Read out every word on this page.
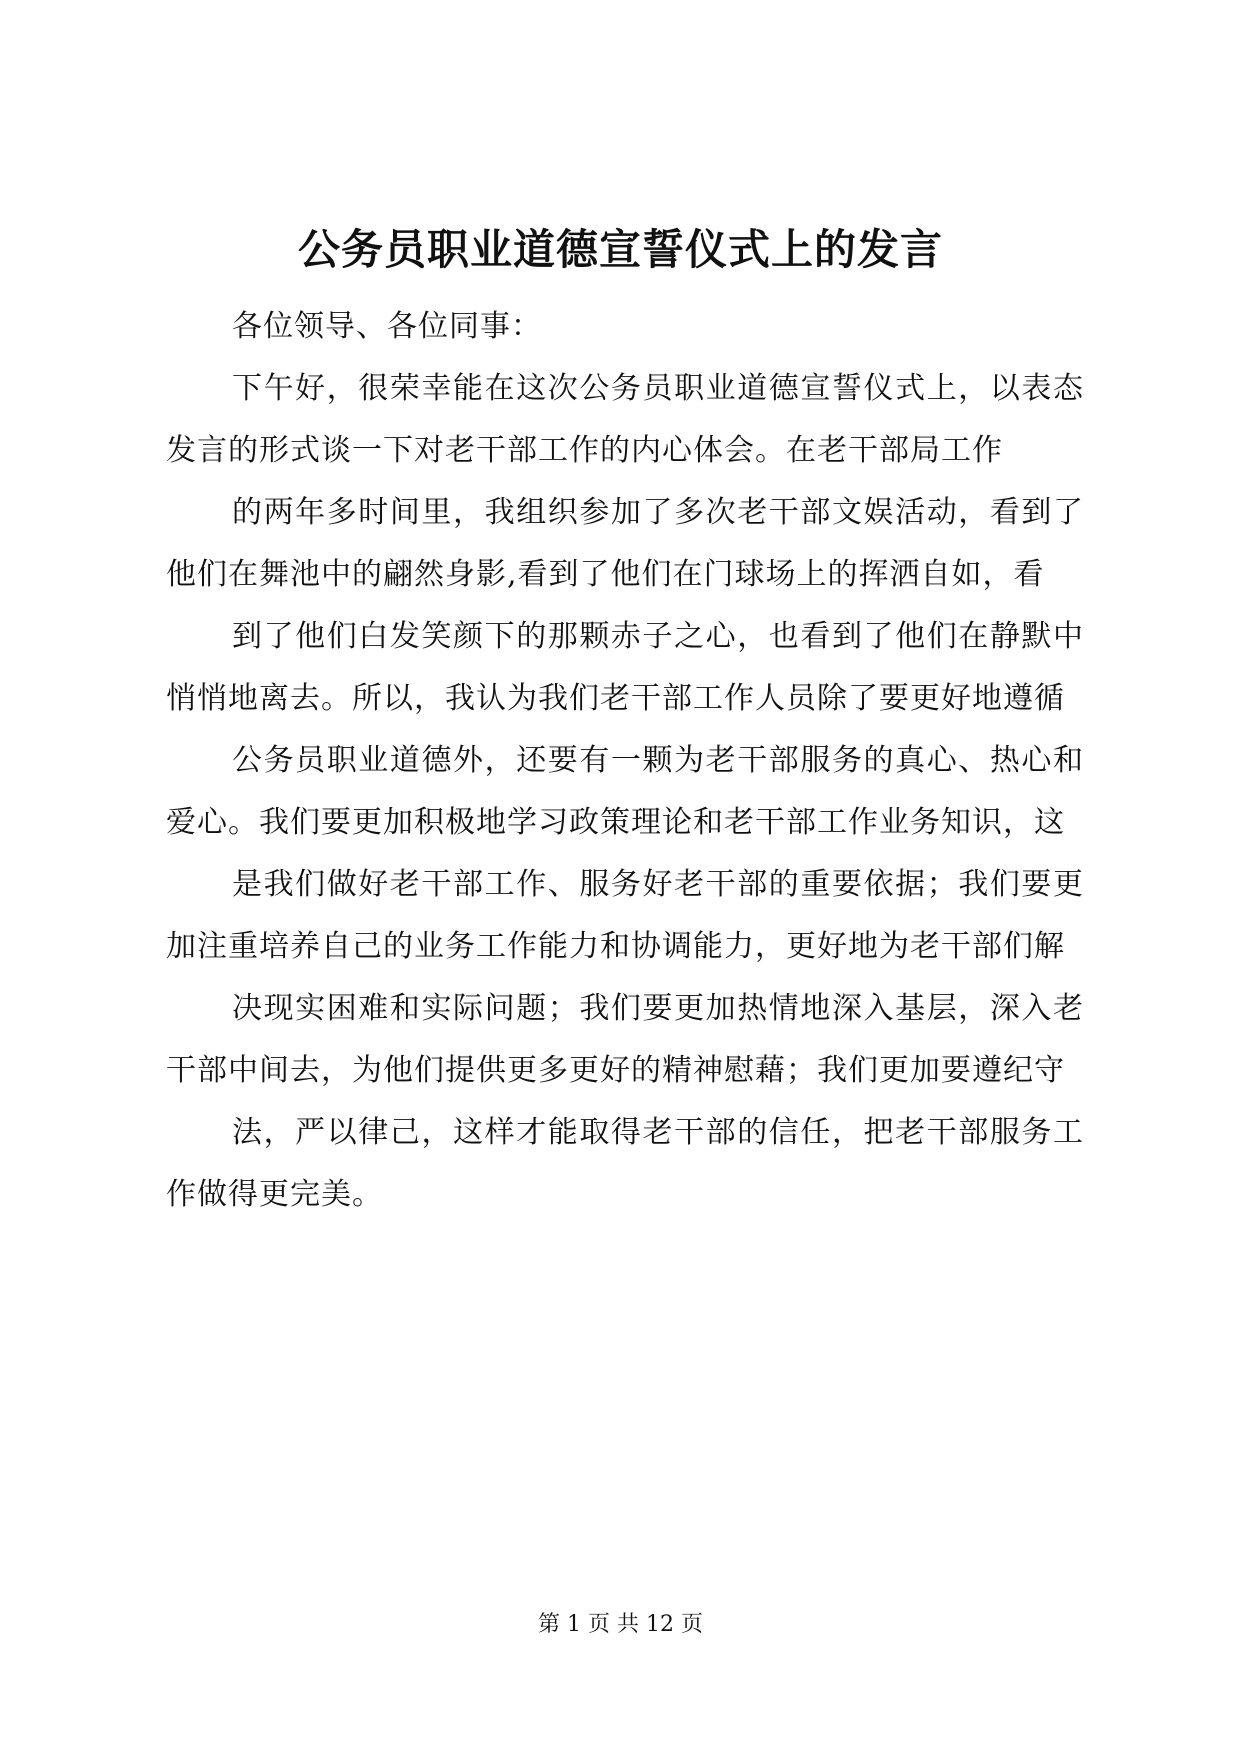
公务员职业道德宣誓仪式上的发言

各位领导、各位同事：

下午好，很荣幸能在这次公务员职业道德宣誓仪式上，以表态发言的形式谈一下对老干部工作的内心体会。在老干部局工作

的两年多时间里，我组织参加了多次老干部文娱活动，看到了他们在舞池中的翩然身影,看到了他们在门球场上的挥洒自如，看

到了他们白发笑颜下的那颗赤子之心，也看到了他们在静默中悄悄地离去。所以，我认为我们老干部工作人员除了要更好地遵循

公务员职业道德外，还要有一颗为老干部服务的真心、热心和爱心。我们要更加积极地学习政策理论和老干部工作业务知识，这

是我们做好老干部工作、服务好老干部的重要依据；我们要更加注重培养自己的业务工作能力和协调能力，更好地为老干部们解

决现实困难和实际问题；我们要更加热情地深入基层，深入老干部中间去，为他们提供更多更好的精神慰藉；我们更加要遵纪守

法，严以律己，这样才能取得老干部的信任，把老干部服务工作做得更完美。

第 1 页 共 12 页
